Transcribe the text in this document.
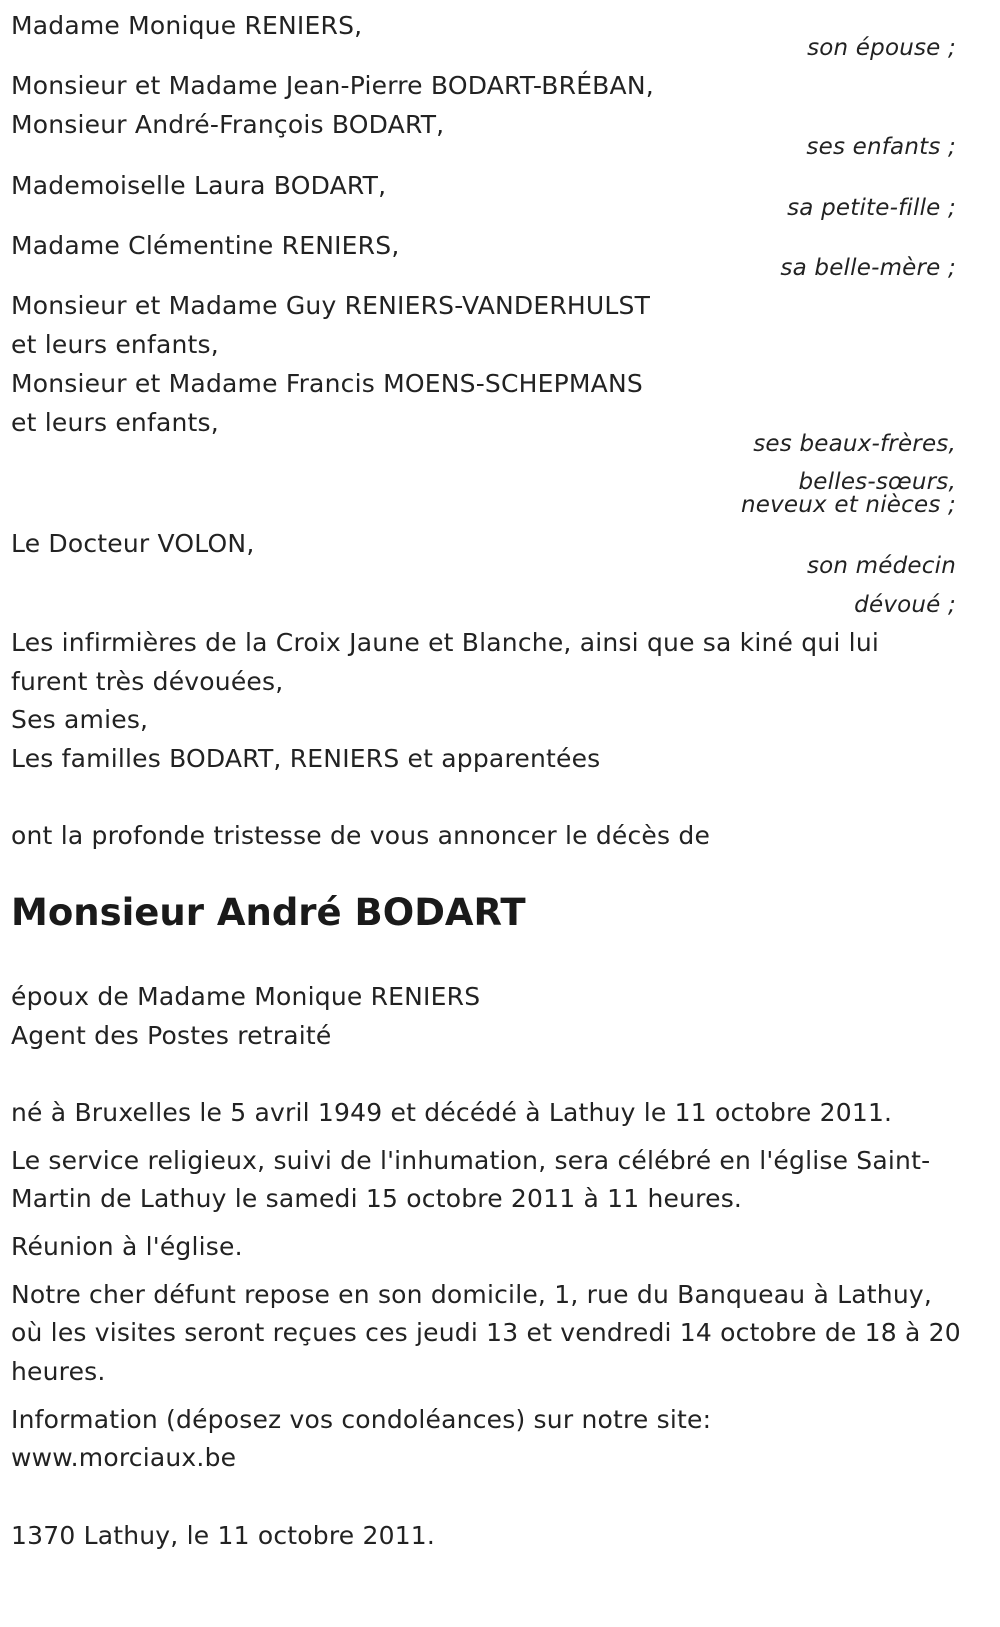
Madame Monique RENIERS,
son épouse ;
Monsieur et Madame Jean-Pierre BODART-BRÉBAN,
Monsieur André-François BODART,
ses enfants ;
Mademoiselle Laura BODART,
sa petite-fille ;
Madame Clémentine RENIERS,
sa belle-mère ;
Monsieur et Madame Guy RENIERS-VANDERHULST
et leurs enfants,
Monsieur et Madame Francis MOENS-SCHEPMANS
et leurs enfants,
ses beaux-frères,
belles-sœurs,
neveux et nièces ;
Le Docteur VOLON,
son médecin
dévoué ;
Les infirmières de la Croix Jaune et Blanche, ainsi que sa kiné qui lui
furent très dévouées,
Ses amies,
Les familles BODART, RENIERS et apparentées
ont la profonde tristesse de vous annoncer le décès de
Monsieur André BODART
époux de Madame Monique RENIERS
Agent des Postes retraité
né à Bruxelles le 5 avril 1949 et décédé à Lathuy le 11 octobre 2011.
Le service religieux, suivi de l'inhumation, sera célébré en l'église Saint-
Martin de Lathuy le samedi 15 octobre 2011 à 11 heures.
Réunion à l'église.
Notre cher défunt repose en son domicile, 1, rue du Banqueau à Lathuy,
où les visites seront reçues ces jeudi 13 et vendredi 14 octobre de 18 à 20
heures.
Information (déposez vos condoléances) sur notre site:
www.morciaux.be
1370 Lathuy, le 11 octobre 2011.
